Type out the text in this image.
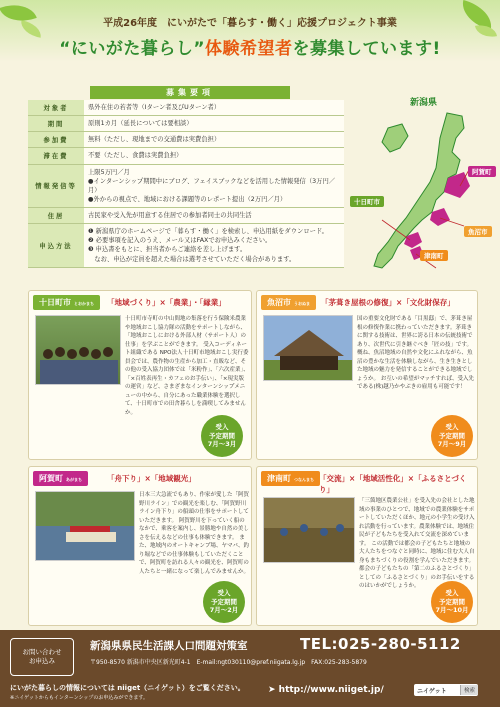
平成26年度　にいがたで「暮らす・働く」応援プロジェクト事業
“にいがた暮らし”体験希望者を募集しています!
募集要項
対象者	県外在住の若者等（Iターン者及びUターン者）
期間	原則1カ月（延長については要相談）
参加費	無料（ただし、現地までの交通費は実費負担）
滞在費	不要（ただし、食費は実費負担）
情報発信等	上限5万円／月
●インターンシップ期間中にブログ、フェイスブックなどを活用した情報発信（3万円／月）
●外からの視点で、地域における課題等のレポート提出（2万円／月）
住居	古民家や受入先が用意する住居での参加者同士の共同生活
申込方法	❶ 新潟県庁のホームページで「暮らす・働く」を検索し、申込用紙をダウンロード。
❷ 必要事項を記入のうえ、メール又はFAXでお申込みください。
❸ 申込書をもとに、担当者からご連絡を差し上げます。
　なお、申込が定員を超えた場合は選考させていただく場合があります。
新潟県
阿賀町
魚沼市
十日町市
津南町
十日町市 とおかまち	「地域づくり」×「農業」・「縁業」
十日町市寺町の中山間地の集落を行う保険米農業や地域おこし協力隊の活動をサポートしながら、「地域おこしにおける外部人材（サポート人）の仕事」を学ぶことができます。 受入コーディネート組織である NPO法人十日町市地域おこし実行委員会では、農作物の生産から加工・直販など、その他の受入協力団体では「米粉作」、「六次産業」、「×百姓表再生・カフェのお手伝い」、「×現実版の運営」など、さまざまなインターンシップメニューの中から、自分にあった職業体験を選択して、十日町市での田舎暮らしを満喫してみませんか。
受入
予定期間
7月～3月
魚沼市 うおぬま	「茅葺き屋根の修復」×「文化財保存」
国の重要文化財である「目黒邸」で、茅葺き屋根の修復作業に携わっていただきます。茅葺きに関する技術は、世界に誇る日本の伝統技術であり、次世代に引き継ぐべき「匠の技」です。 概ね、魚沼地域の自然や文化にふれながら、魚沼の豊かな生活を体験しながら、生き生きとした地域の魅力を発信することができる地域でしょうか。 お互いの希望がマッチすれば、受入先である(株)越乃かやぶきの雇用も可能です！
受入
予定期間
7月～9月
阿賀町 あがまち	「舟下り」×「地域観光」
日本三大急流でもあり、作家が愛した「阿賀野川ライン」での観光を楽しむ、「阿賀野川ライン舟下り」の船頭の仕事をサポートしていただきます。 阿賀野川を下っていく船のなかで、乗客を案内し、景勝地や自然の美しさを伝えるなどの仕事も体験できます。 また、地域内のオートキャンプ場、ヤマバ、釣り堀などでの仕事体験もしていただくことで、阿賀町を訪れる人々の観光を、阿賀町の人たちと一緒になって楽しんでみませんか。
受入
予定期間
7月～2月
津南町 つなんまち 「交流」×「地域活性化」×「ふるさとづくり」
「三箇地区農業公社」を受入先の会社とした地域の事業のひとつで、地域での農業体験をサポートしていただくほか、地元の小学生の受け入れ活動を行っています。農業体験では、地域住民が子どもたちを受入れて交流を深めています。 この活動では都会の子どもたちと地域の大人たちをつなぐと同時に、地域に住む大人自身もまちづくりの役割を学んでいただきます。都会の子どもたちの「第二のふるさとづくり」としての「ふるさとづくり」のお手伝いをするのはいかがでしょうか。
受入
予定期間
7月～10月
お問い合わせ
お申込み
新潟県県民生活課人口問題対策室	TEL:025-280-5112
〒950-8570 新潟市中央区新光町4-1　E-mail:ngt030110@pref.niigata.lg.jp　FAX:025-283-5879
にいがた暮らしの情報については niiget（ニイゲット）をご覧ください。
※ニイゲットからもインターンシップのお申込みができます。
➤ http://www.niiget.jp/	ニイゲット	検索
